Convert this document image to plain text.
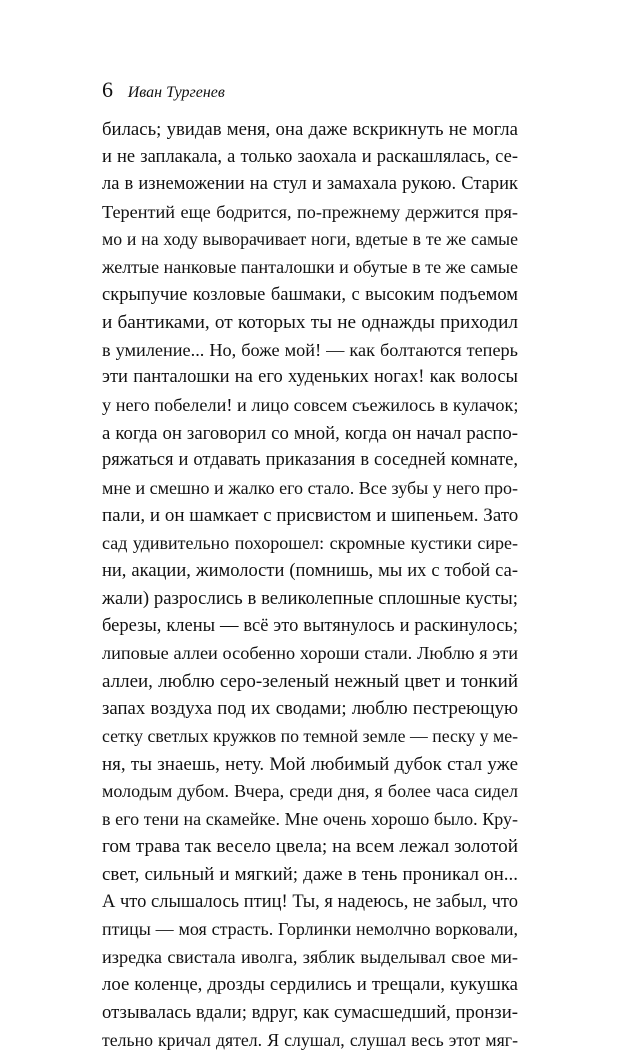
6 Иван Тургенев
билась; увидав меня, она даже вскрикнуть не могла
и не заплакала, а только заохала и раскашлялась, се-
ла в изнеможении на стул и замахала рукою. Старик
Терентий еще бодрится, по-прежнему держится пря-
мо и на ходу выворачивает ноги, вдетые в те же самые
желтые нанковые панталошки и обутые в те же самые
скрыпучие козловые башмаки, с высоким подъемом
и бантиками, от которых ты не однажды приходил
в умиление... Но, боже мой! — как болтаются теперь
эти панталошки на его худеньких ногах! как волосы
у него побелели! и лицо совсем съежилось в кулачок;
а когда он заговорил со мной, когда он начал распо-
ряжаться и отдавать приказания в соседней комнате,
мне и смешно и жалко его стало. Все зубы у него про-
пали, и он шамкает с присвистом и шипеньем. Зато
сад удивительно похорошел: скромные кустики сире-
ни, акации, жимолости (помнишь, мы их с тобой са-
жали) разрослись в великолепные сплошные кусты;
березы, клены — всё это вытянулось и раскинулось;
липовые аллеи особенно хороши стали. Люблю я эти
аллеи, люблю серо-зеленый нежный цвет и тонкий
запах воздуха под их сводами; люблю пестреющую
сетку светлых кружков по темной земле — песку у ме-
ня, ты знаешь, нету. Мой любимый дубок стал уже
молодым дубом. Вчера, среди дня, я более часа сидел
в его тени на скамейке. Мне очень хорошо было. Кру-
гом трава так весело цвела; на всем лежал золотой
свет, сильный и мягкий; даже в тень проникал он...
А что слышалось птиц! Ты, я надеюсь, не забыл, что
птицы — моя страсть. Горлинки немолчно ворковали,
изредка свистала иволга, зяблик выделывал свое ми-
лое коленце, дрозды сердились и трещали, кукушка
отзывалась вдали; вдруг, как сумасшедший, пронзи-
тельно кричал дятел. Я слушал, слушал весь этот мяг-
